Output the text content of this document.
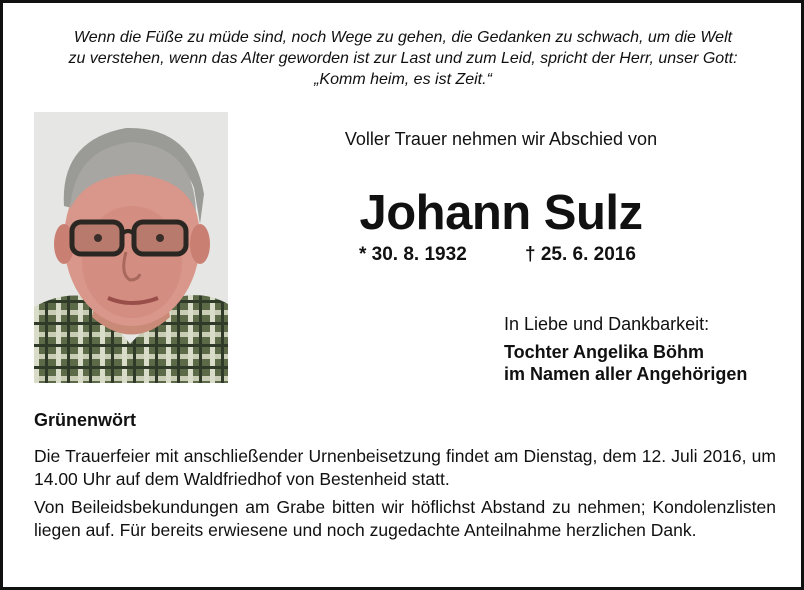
Wenn die Füße zu müde sind, noch Wege zu gehen, die Gedanken zu schwach, um die Welt
zu verstehen, wenn das Alter geworden ist zur Last und zum Leid, spricht der Herr, unser Gott:
„Komm heim, es ist Zeit.“
Voller Trauer nehmen wir Abschied von
Johann Sulz
* 30. 8. 1932	† 25. 6. 2016
In Liebe und Dankbarkeit:
Tochter Angelika Böhm
im Namen aller Angehörigen
Grünenwört

Die Trauerfeier mit anschließender Urnenbeisetzung findet am Dienstag, dem 12. Juli 2016, um 14.00 Uhr auf dem Waldfriedhof von Bestenheid statt.

Von Beileidsbekundungen am Grabe bitten wir höflichst Abstand zu nehmen; Kondolenzlisten liegen auf. Für bereits erwiesene und noch zugedachte Anteilnahme herzlichen Dank.
